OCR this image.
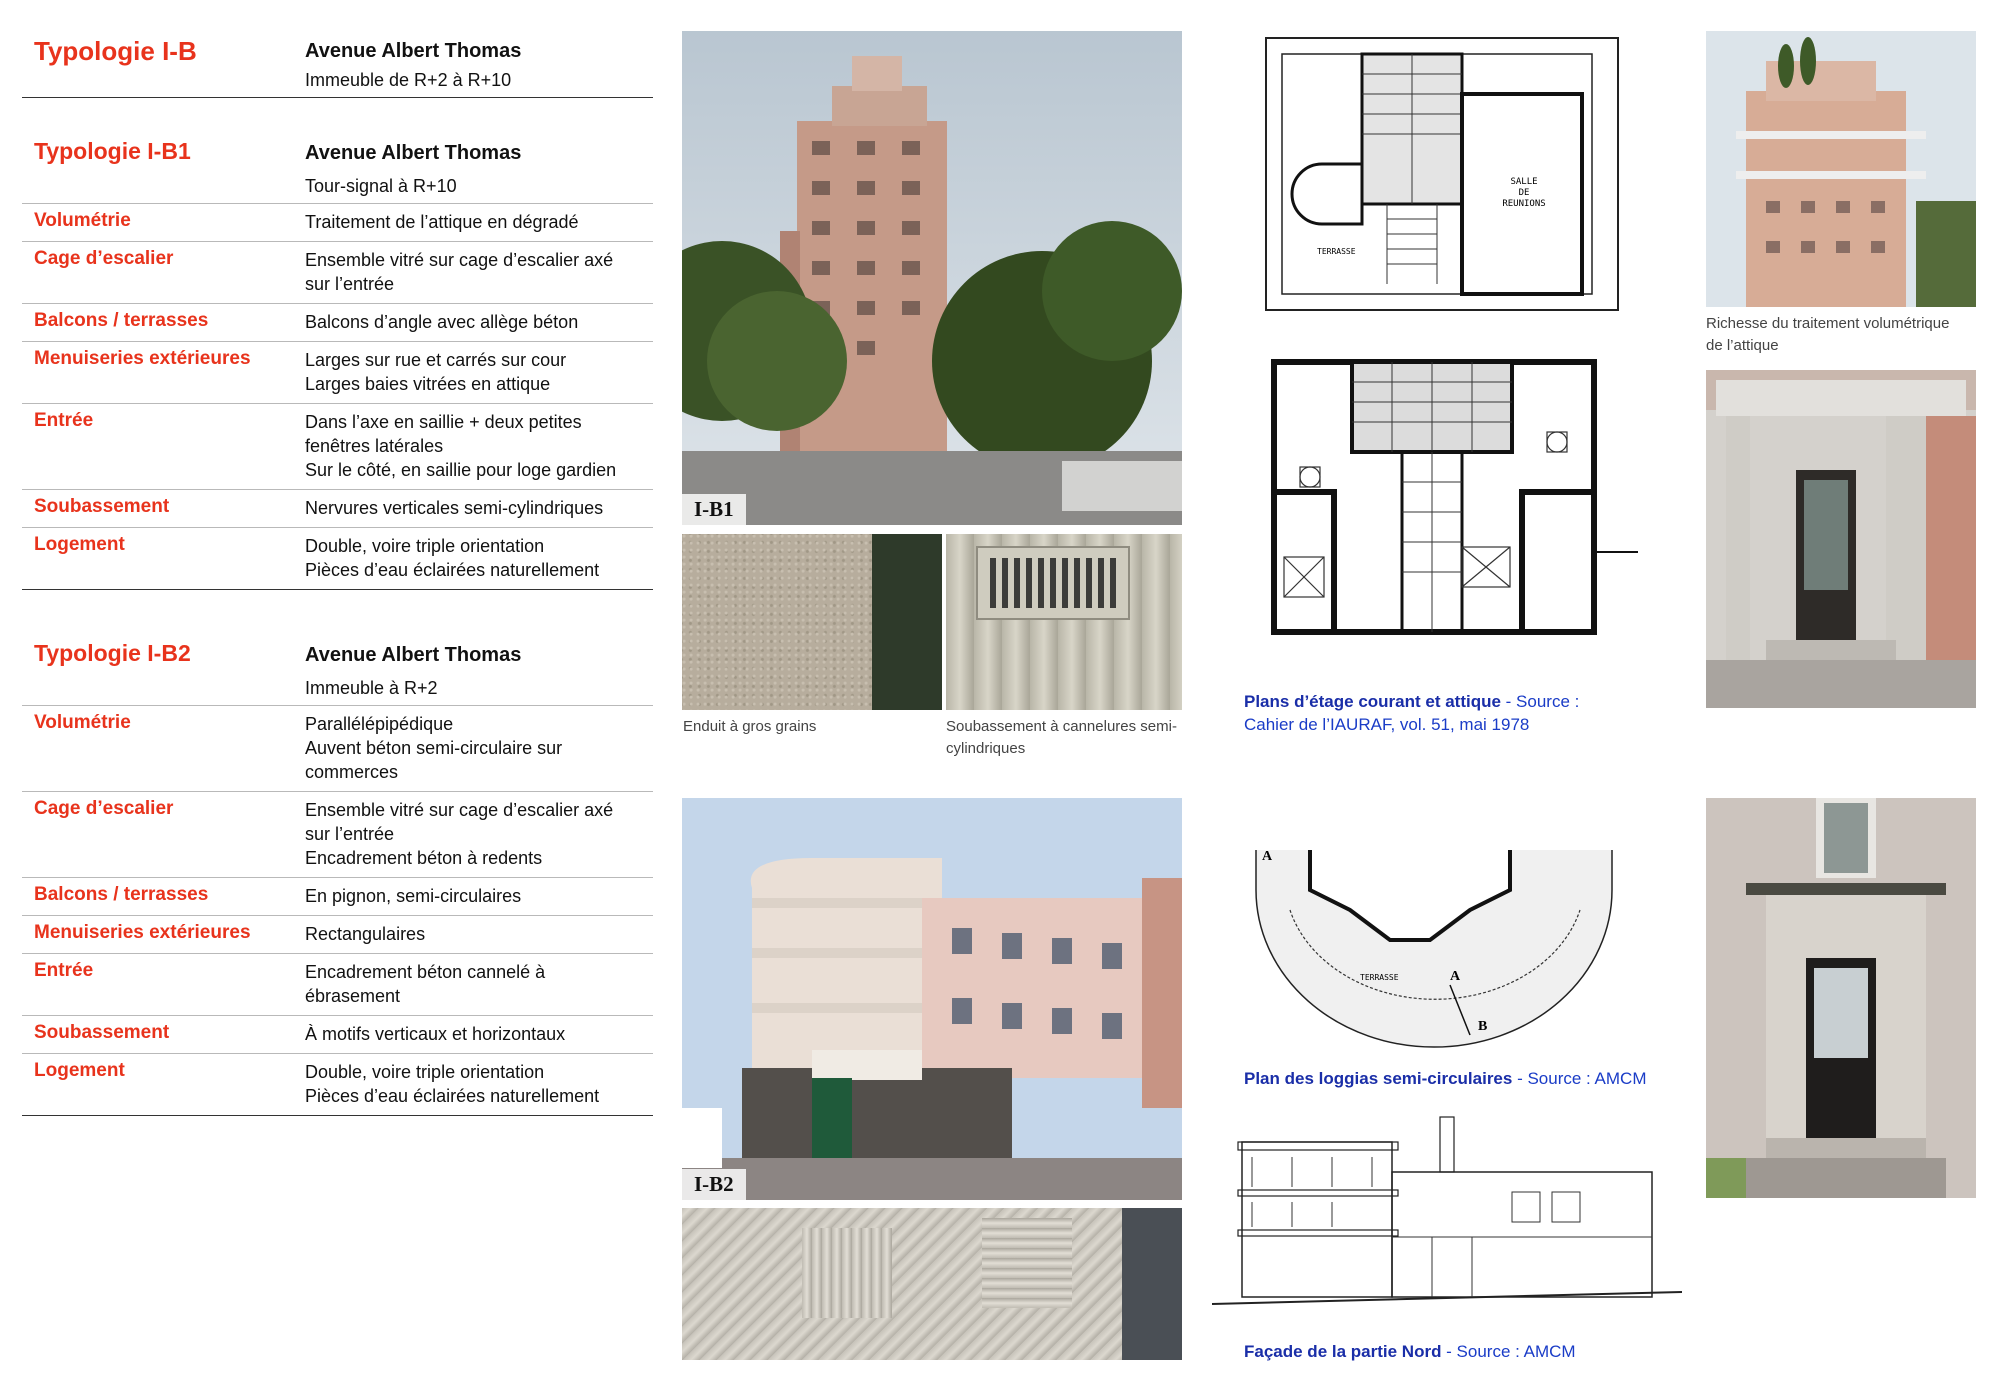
Typologie I-B	Avenue Albert Thomas
Immeuble de R+2 à R+10
Typologie I-B1	Avenue Albert Thomas
Tour-signal à R+10
Volumétrie	Traitement de l’attique en dégradé
Cage d’escalier	Ensemble vitré sur cage d’escalier axé
sur l’entrée
Balcons / terrasses	Balcons d’angle avec allège béton
Menuiseries extérieures	Larges sur rue et carrés sur cour
Larges baies vitrées en attique
Entrée	Dans l’axe en saillie + deux petites
fenêtres latérales
Sur le côté, en saillie pour loge gardien
Soubassement	Nervures verticales semi-cylindriques
Logement	Double, voire triple orientation
Pièces d’eau éclairées naturellement
Typologie I-B2	Avenue Albert Thomas
Immeuble à R+2
Volumétrie	Parallélépipédique
Auvent béton semi-circulaire sur
commerces
Cage d’escalier	Ensemble vitré sur cage d’escalier axé
sur l’entrée
Encadrement béton à redents
Balcons / terrasses	En pignon, semi-circulaires
Menuiseries extérieures	Rectangulaires
Entrée	Encadrement béton cannelé à
ébrasement
Soubassement	À motifs verticaux et horizontaux
Logement	Double, voire triple orientation
Pièces d’eau éclairées naturellement
I-B1
Enduit à gros grains	Soubassement à cannelures semi-
cylindriques
I-B2
SALLE DE REUNIONS
TERRASSE
Plans d’étage courant et attique - Source :
Cahier de l’IAURAF, vol. 51, mai 1978
A
A
B
TERRASSE
Plan des loggias semi-circulaires - Source : AMCM
Façade de la partie Nord - Source : AMCM
Richesse du traitement volumétrique
de l’attique
